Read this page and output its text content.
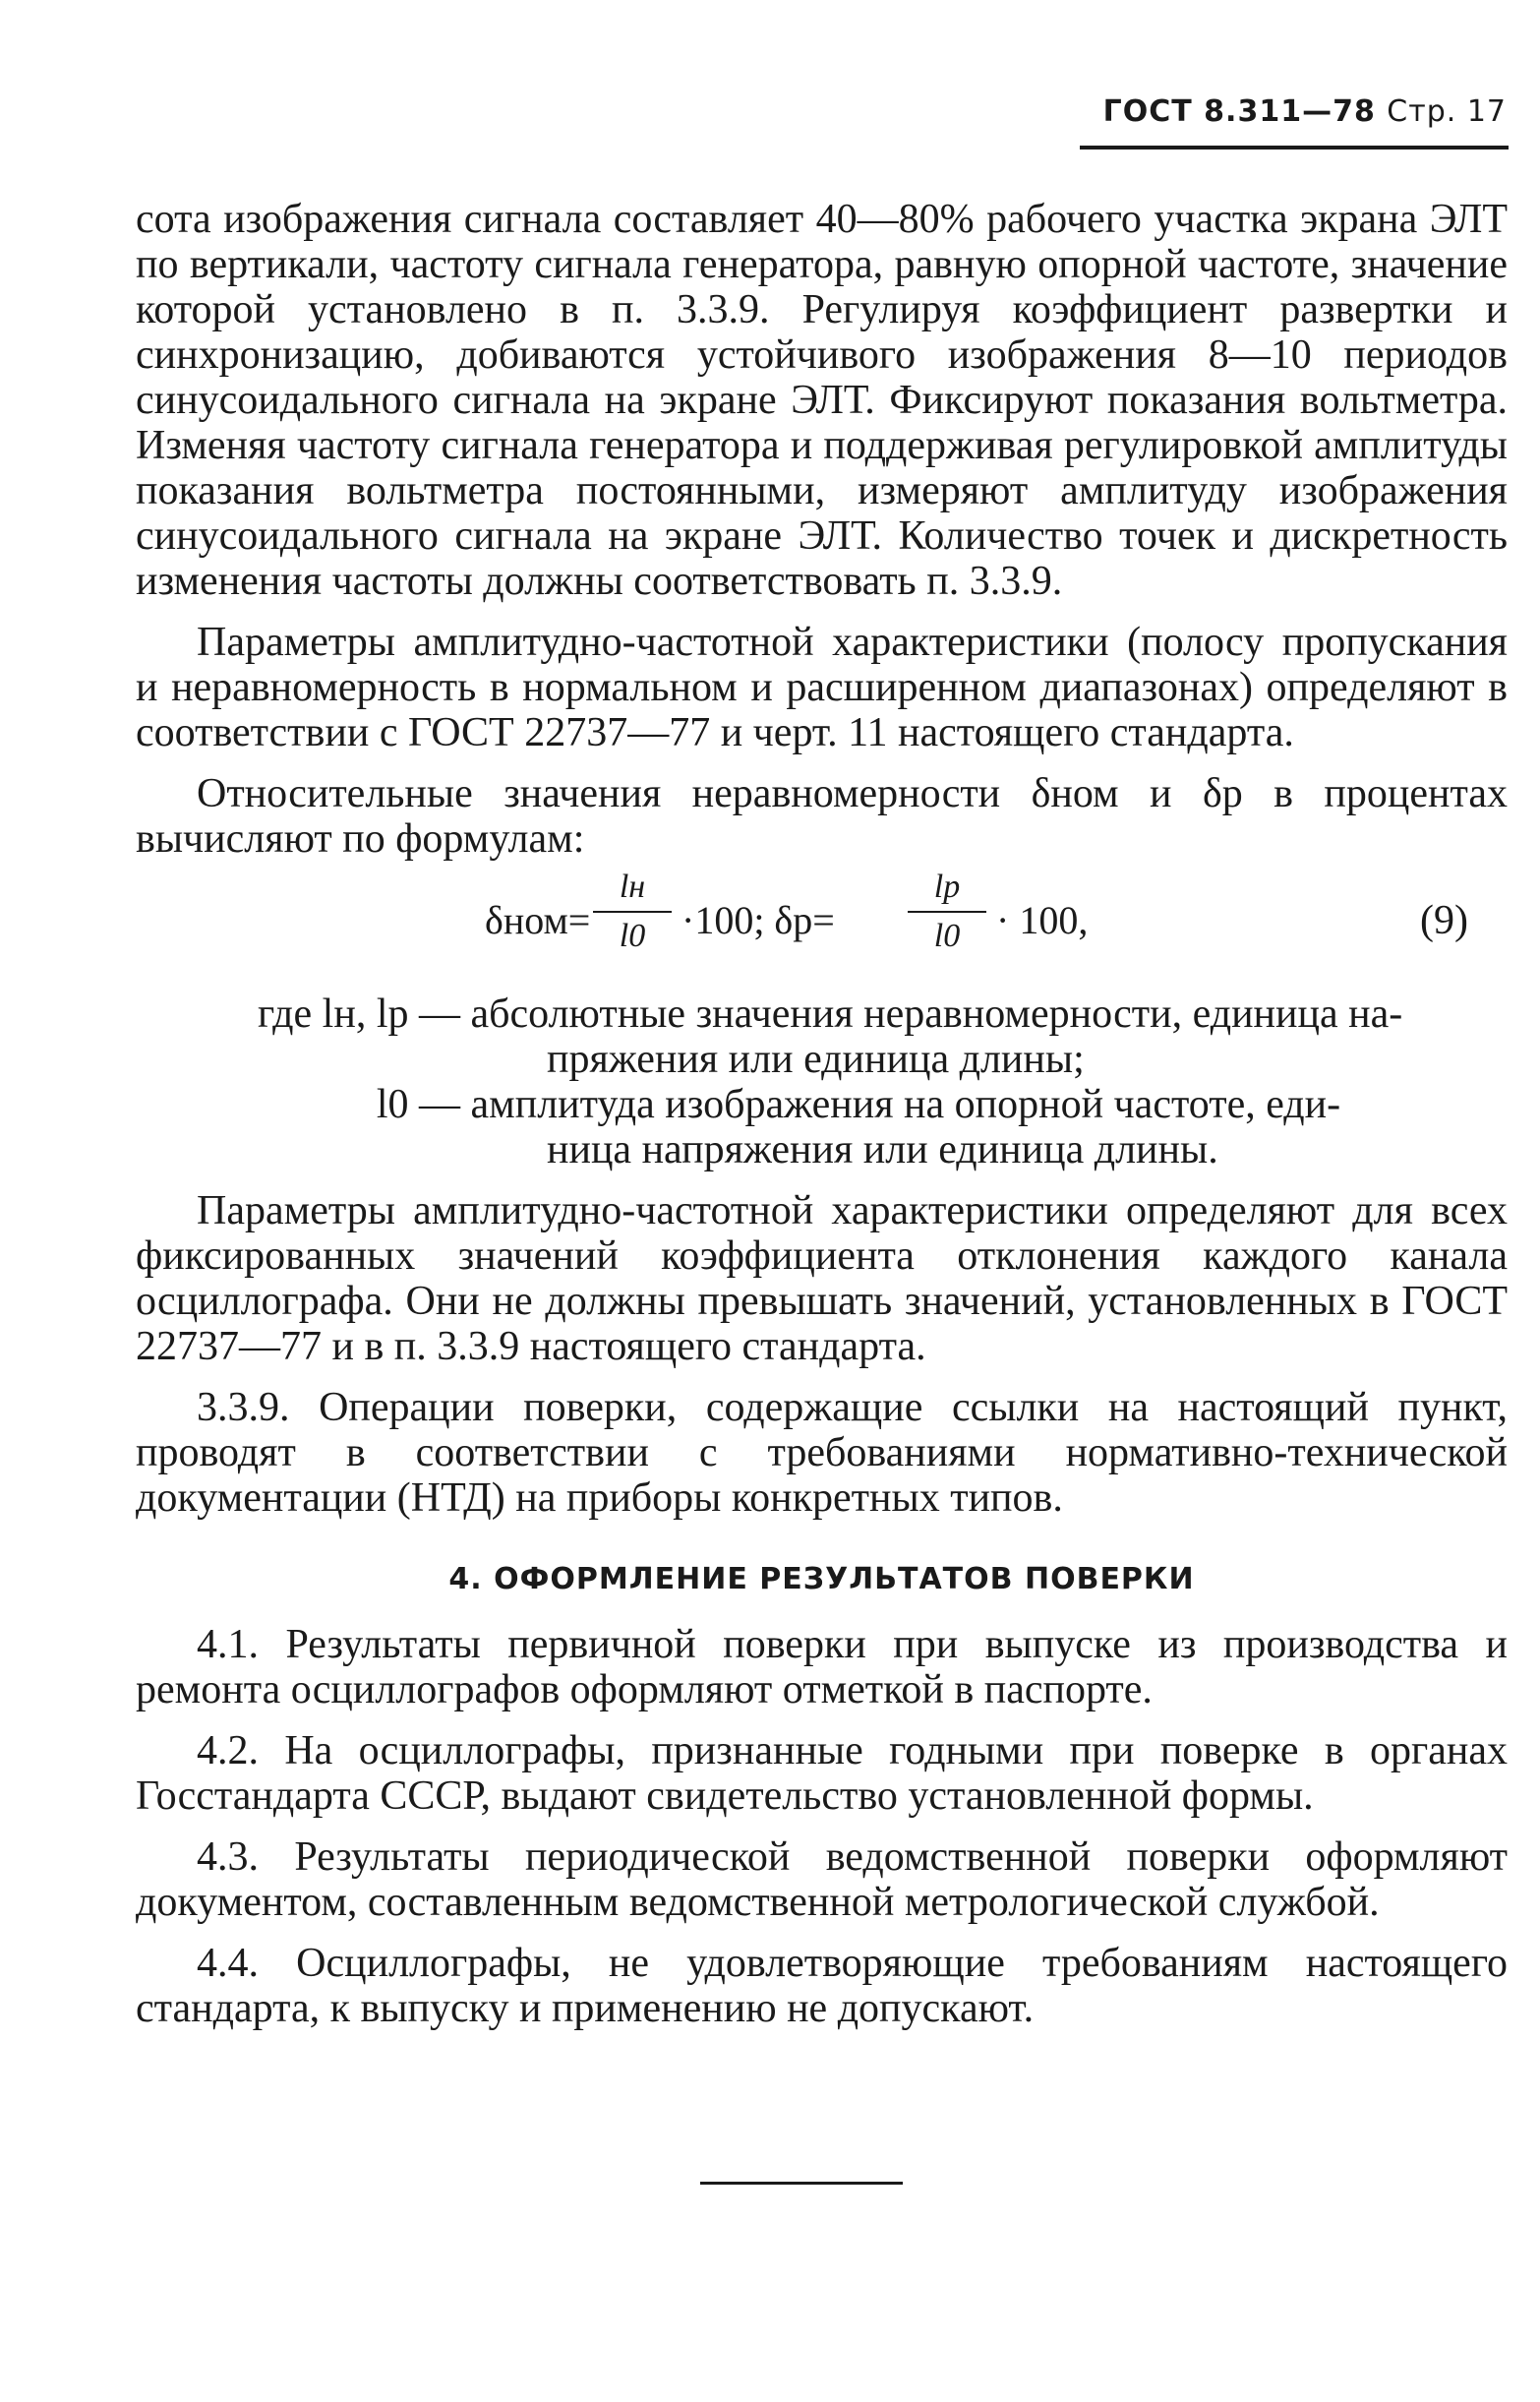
ГОСТ 8.311—78 Стр. 17

сота изображения сигнала составляет 40—80% рабочего участка экрана ЭЛТ по вертикали, частоту сигнала генератора, равную опорной частоте, значение которой установлено в п. 3.3.9. Регулируя коэффициент развертки и синхронизацию, добиваются устойчивого изображения 8—10 периодов синусоидального сигнала на экране ЭЛТ. Фиксируют показания вольтметра. Изменяя частоту сигнала генератора и поддерживая регулировкой амплитуды показания вольтметра постоянными, измеряют амплитуду изображения синусоидального сигнала на экране ЭЛТ. Количество точек и дискретность изменения частоты должны соответствовать п. 3.3.9.

Параметры амплитудно-частотной характеристики (полосу пропускания и неравномерность в нормальном и расширенном диапазонах) определяют в соответствии с ГОСТ 22737—77 и черт. 11 настоящего стандарта.

Относительные значения неравномерности δном и δр в процентах вычисляют по формулам:

δном=
lн
l0 ·100; δр=
lр
l0 · 100,	(9)
где lн, lр — абсолютные значения неравномерности, единица на-
пряжения или единица длины;
l0 — амплитуда изображения на опорной частоте, еди-
ница напряжения или единица длины.

Параметры амплитудно-частотной характеристики определяют для всех фиксированных значений коэффициента отклонения каждого канала осциллографа. Они не должны превышать значений, установленных в ГОСТ 22737—77 и в п. 3.3.9 настоящего стандарта.

3.3.9. Операции поверки, содержащие ссылки на настоящий пункт, проводят в соответствии с требованиями нормативно-технической документации (НТД) на приборы конкретных типов.

4. ОФОРМЛЕНИЕ РЕЗУЛЬТАТОВ ПОВЕРКИ

4.1. Результаты первичной поверки при выпуске из производства и ремонта осциллографов оформляют отметкой в паспорте.

4.2. На осциллографы, признанные годными при поверке в органах Госстандарта СССР, выдают свидетельство установленной формы.

4.3. Результаты периодической ведомственной поверки оформляют документом, составленным ведомственной метрологической службой.

4.4. Осциллографы, не удовлетворяющие требованиям настоящего стандарта, к выпуску и применению не допускают.
